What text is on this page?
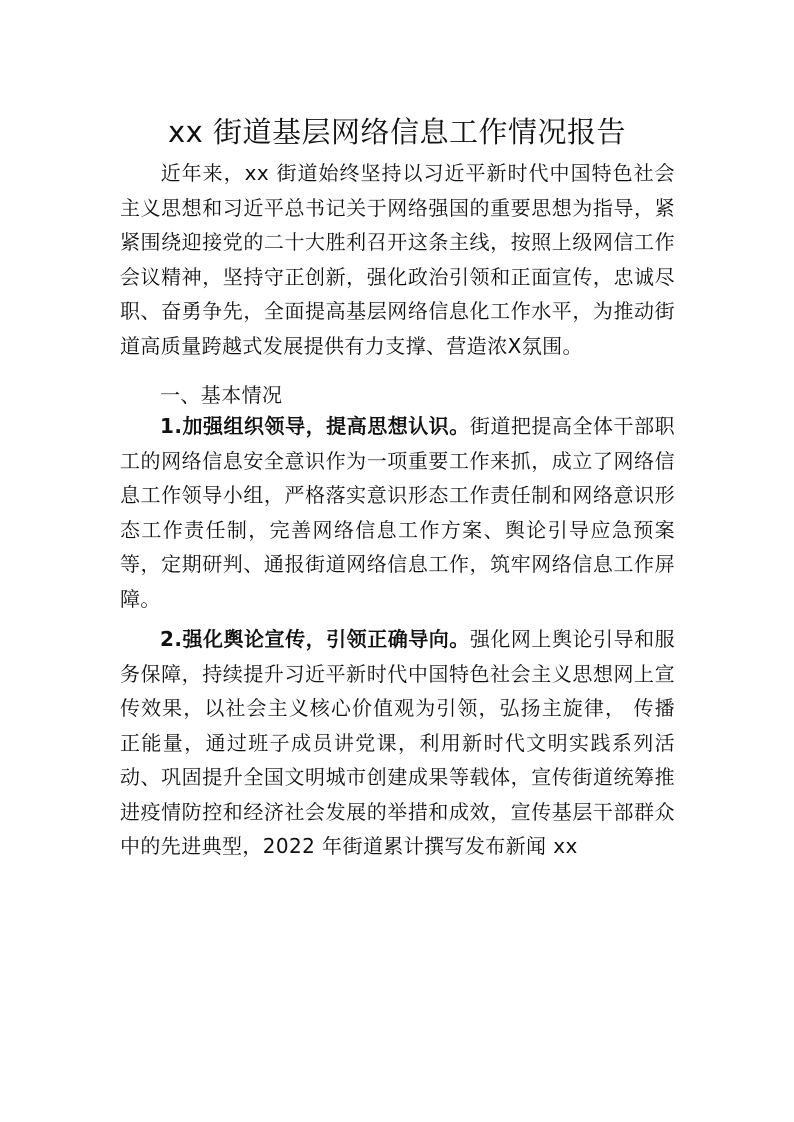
xx 街道基层网络信息工作情况报告

近年来，xx 街道始终坚持以习近平新时代中国特色社会主义思想和习近平总书记关于网络强国的重要思想为指导，紧紧围绕迎接党的二十大胜利召开这条主线，按照上级网信工作会议精神，坚持守正创新，强化政治引领和正面宣传，忠诚尽职、奋勇争先，全面提高基层网络信息化工作水平，为推动街道高质量跨越式发展提供有力支撑、营造浓X氛围。

一、基本情况

1.加强组织领导，提高思想认识。街道把提高全体干部职工的网络信息安全意识作为一项重要工作来抓，成立了网络信息工作领导小组，严格落实意识形态工作责任制和网络意识形态工作责任制，完善网络信息工作方案、舆论引导应急预案等，定期研判、通报街道网络信息工作，筑牢网络信息工作屏障。

2.强化舆论宣传，引领正确导向。强化网上舆论引导和服务保障，持续提升习近平新时代中国特色社会主义思想网上宣传效果，以社会主义核心价值观为引领，弘扬主旋律， 传播正能量，通过班子成员讲党课，利用新时代文明实践系列活动、巩固提升全国文明城市创建成果等载体，宣传街道统筹推进疫情防控和经济社会发展的举措和成效，宣传基层干部群众中的先进典型，2022 年街道累计撰写发布新闻 xx
